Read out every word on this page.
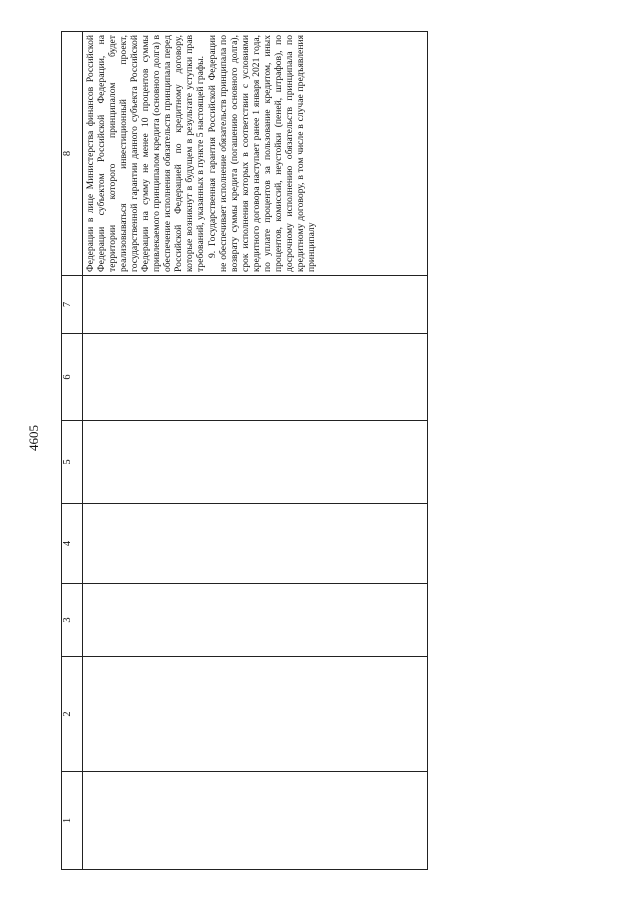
4605
1	2	3	4	5	6	7	8

							Федерации в лице Министерства финансов Российской Федерации субъектом Российской Федерации, на территории которого принципалом будет реализовываться инвестиционный проект, государственной гарантии данного субъекта Российской Федерации на сумму не менее 10 процентов суммы привлекаемого принципалом кредита (основного долга) в обеспечение исполнения обязательств принципала перед Российской Федерацией по кредитному договору, которые возникнут в будущем в результате уступки прав требований, указанных в пункте 5 настоящей графы. 9. Государственная гарантия Российской Федерации не обеспечивает исполнение обязательств принципала по возврату суммы кредита (погашению основного долга), срок исполнения которых в соответствии с условиями кредитного договора наступает ранее 1 января 2021 года, по уплате процентов за пользование кредитом, иных процентов, комиссий, неустойки (пеней, штрафов), по досрочному исполнению обязательств принципала по кредитному договору, в том числе в случае предъявления принципалу
